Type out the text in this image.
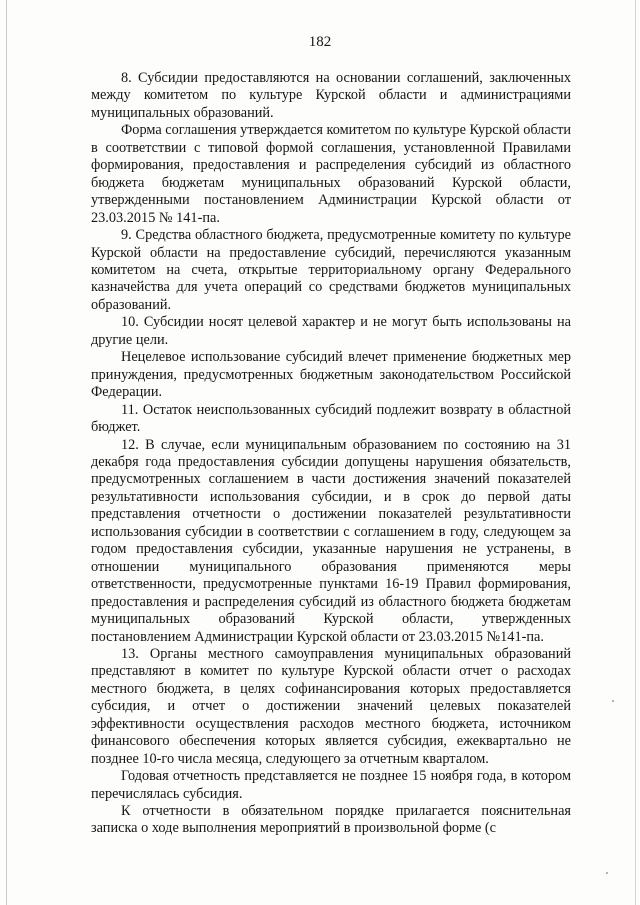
182

8. Субсидии предоставляются на основании соглашений, заключенных между комитетом по культуре Курской области и администрациями муниципальных образований.

Форма соглашения утверждается комитетом по культуре Курской области в соответствии с типовой формой соглашения, установленной Правилами формирования, предоставления и распределения субсидий из областного бюджета бюджетам муниципальных образований Курской области, утвержденными постановлением Администрации Курской области от 23.03.2015 № 141-па.

9. Средства областного бюджета, предусмотренные комитету по культуре Курской области на предоставление субсидий, перечисляются указанным комитетом на счета, открытые территориальному органу Федерального казначейства для учета операций со средствами бюджетов муниципальных образований.

10. Субсидии носят целевой характер и не могут быть использованы на другие цели.

Нецелевое использование субсидий влечет применение бюджетных мер принуждения, предусмотренных бюджетным законодательством Российской Федерации.

11. Остаток неиспользованных субсидий подлежит возврату в областной бюджет.

12. В случае, если муниципальным образованием по состоянию на 31 декабря года предоставления субсидии допущены нарушения обязательств, предусмотренных соглашением в части достижения значений показателей результативности использования субсидии, и в срок до первой даты представления отчетности о достижении показателей результативности использования субсидии в соответствии с соглашением в году, следующем за годом предоставления субсидии, указанные нарушения не устранены, в отношении муниципального образования применяются меры ответственности, предусмотренные пунктами 16-19 Правил формирования, предоставления и распределения субсидий из областного бюджета бюджетам муниципальных образований Курской области, утвержденных постановлением Администрации Курской области от 23.03.2015 №141-па.

13. Органы местного самоуправления муниципальных образований представляют в комитет по культуре Курской области отчет о расходах местного бюджета, в целях софинансирования которых предоставляется субсидия, и отчет о достижении значений целевых показателей эффективности осуществления расходов местного бюджета, источником финансового обеспечения которых является субсидия, ежеквартально не позднее 10-го числа месяца, следующего за отчетным кварталом.

Годовая отчетность представляется не позднее 15 ноября года, в котором перечислялась субсидия.

К отчетности в обязательном порядке прилагается пояснительная записка о ходе выполнения мероприятий в произвольной форме (с
